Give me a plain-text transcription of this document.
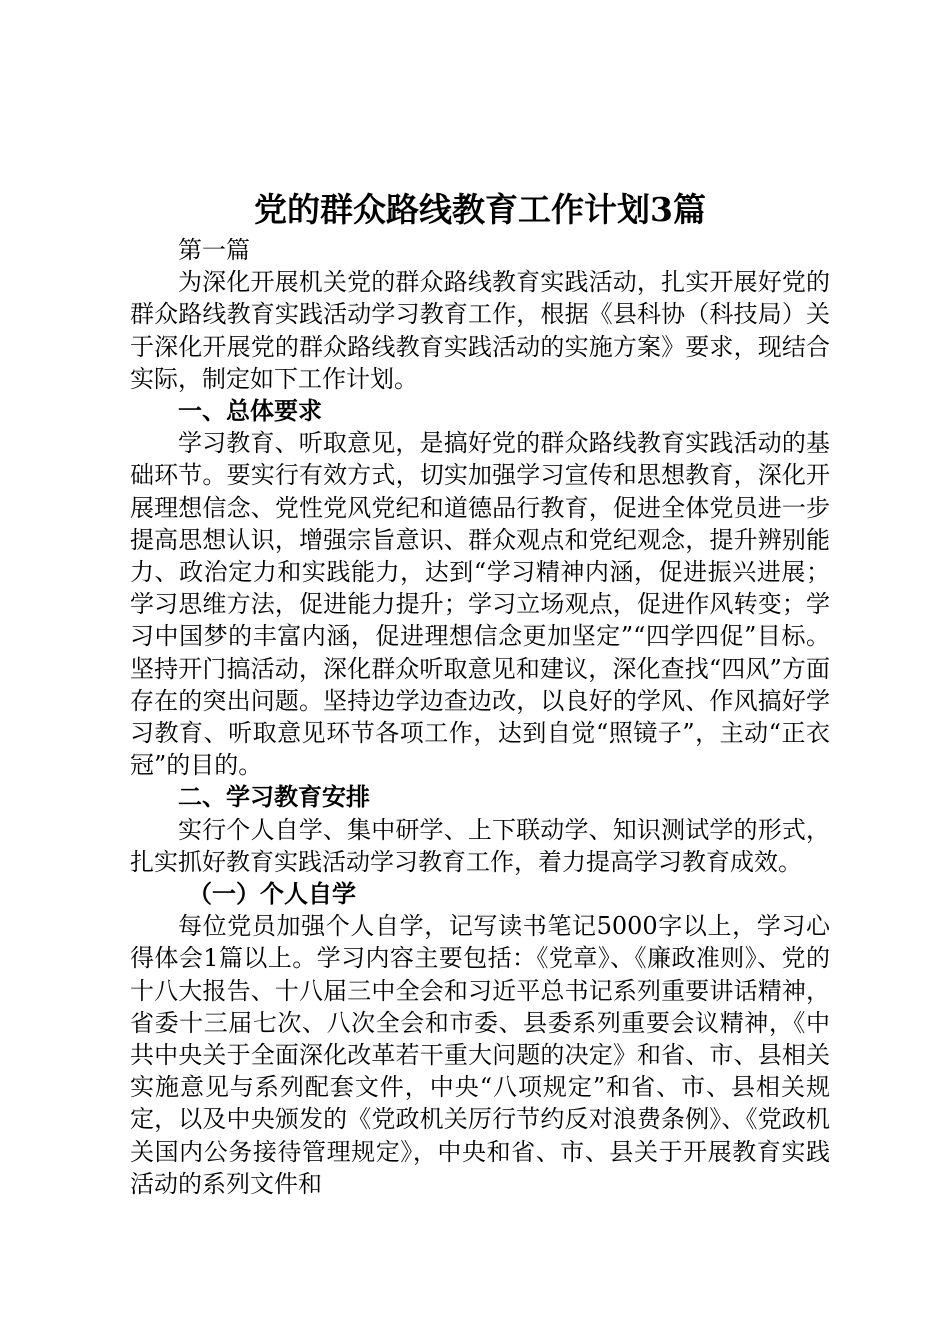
党的群众路线教育工作计划3篇

第一篇

为深化开展机关党的群众路线教育实践活动，扎实开展好党的群众路线教育实践活动学习教育工作，根据《县科协（科技局）关于深化开展党的群众路线教育实践活动的实施方案》要求，现结合实际，制定如下工作计划。

一、总体要求

学习教育、听取意见，是搞好党的群众路线教育实践活动的基础环节。要实行有效方式，切实加强学习宣传和思想教育，深化开展理想信念、党性党风党纪和道德品行教育，促进全体党员进一步提高思想认识，增强宗旨意识、群众观点和党纪观念，提升辨别能力、政治定力和实践能力，达到“学习精神内涵，促进振兴进展；学习思维方法，促进能力提升；学习立场观点，促进作风转变；学习中国梦的丰富内涵，促进理想信念更加坚定”“四学四促”目标。坚持开门搞活动，深化群众听取意见和建议，深化查找“四风”方面存在的突出问题。坚持边学边查边改，以良好的学风、作风搞好学习教育、听取意见环节各项工作，达到自觉“照镜子”，主动“正衣冠”的目的。

二、学习教育安排

实行个人自学、集中研学、上下联动学、知识测试学的形式，扎实抓好教育实践活动学习教育工作，着力提高学习教育成效。

（一）个人自学

每位党员加强个人自学，记写读书笔记5000字以上，学习心得体会1篇以上。学习内容主要包括：《党章》、《廉政准则》、党的十八大报告、十八届三中全会和习近平总书记系列重要讲话精神，省委十三届七次、八次全会和市委、县委系列重要会议精神，《中共中央关于全面深化改革若干重大问题的决定》和省、市、县相关实施意见与系列配套文件，中央“八项规定”和省、市、县相关规定，以及中央颁发的《党政机关厉行节约反对浪费条例》、《党政机关国内公务接待管理规定》，中央和省、市、县关于开展教育实践活动的系列文件和
